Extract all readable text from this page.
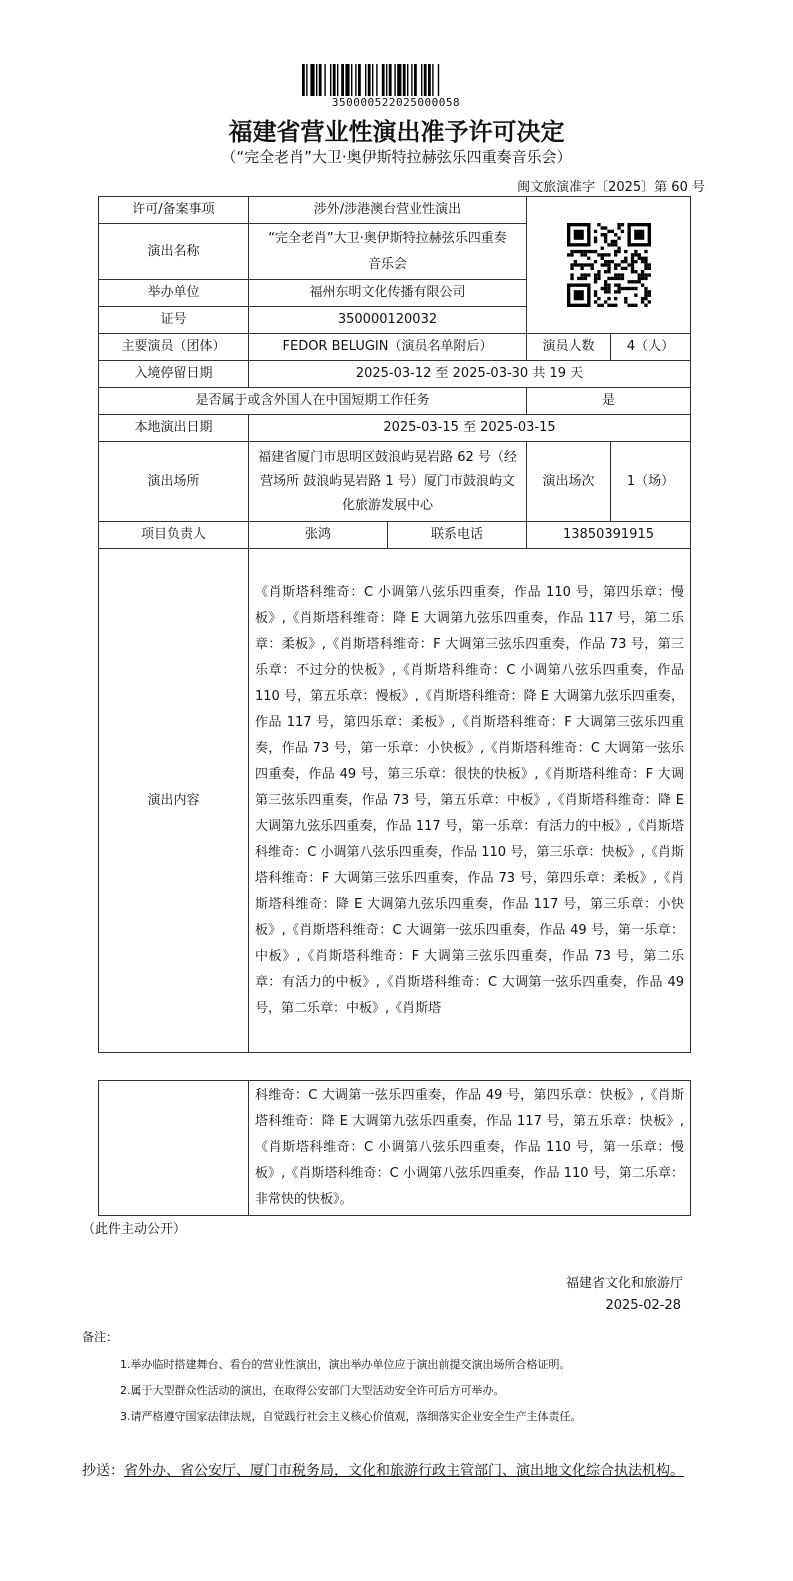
350000522025000058
福建省营业性演出准予许可决定
（“完全老肖”大卫·奥伊斯特拉赫弦乐四重奏音乐会）
闽文旅演准字〔2025〕第 60 号
许可/备案事项	涉外/涉港澳台营业性演出	

演出名称	“完全老肖”大卫·奥伊斯特拉赫弦乐四重奏音乐会		
举办单位	福州东明文化传播有限公司		
证号	350000120032		
主要演员（团体）	FEDOR BELUGIN（演员名单附后）	演员人数	4（人）
入境停留日期	2025-03-12 至 2025-03-30 共 19 天		
是否属于或含外国人在中国短期工作任务		是	
本地演出日期	2025-03-15 至 2025-03-15		
演出场所	福建省厦门市思明区鼓浪屿晃岩路 62 号（经营场所 鼓浪屿晃岩路 1 号）厦门市鼓浪屿文化旅游发展中心	演出场次	1（场）
项目负责人	张鸿 联系电话	13850391915	
演出内容	《肖斯塔科维奇：C 小调第八弦乐四重奏，作品 110 号，第四乐章：慢板》,《肖斯塔科维奇：降 E 大调第九弦乐四重奏，作品 117 号，第二乐章：柔板》,《肖斯塔科维奇：F 大调第三弦乐四重奏，作品 73 号，第三乐章：不过分的快板》,《肖斯塔科维奇：C 小调第八弦乐四重奏，作品 110 号，第五乐章：慢板》,《肖斯塔科维奇：降 E 大调第九弦乐四重奏，作品 117 号，第四乐章：柔板》,《肖斯塔科维奇：F 大调第三弦乐四重奏，作品 73 号，第一乐章：小快板》,《肖斯塔科维奇：C 大调第一弦乐四重奏，作品 49 号，第三乐章：很快的快板》,《肖斯塔科维奇：F 大调第三弦乐四重奏，作品 73 号，第五乐章：中板》,《肖斯塔科维奇：降 E 大调第九弦乐四重奏，作品 117 号，第一乐章：有活力的中板》,《肖斯塔科维奇：C 小调第八弦乐四重奏，作品 110 号，第三乐章：快板》,《肖斯塔科维奇：F 大调第三弦乐四重奏，作品 73 号，第四乐章：柔板》,《肖斯塔科维奇：降 E 大调第九弦乐四重奏，作品 117 号，第三乐章：小快板》,《肖斯塔科维奇：C 大调第一弦乐四重奏，作品 49 号，第一乐章：中板》,《肖斯塔科维奇：F 大调第三弦乐四重奏，作品 73 号，第二乐章：有活力的中板》,《肖斯塔科维奇：C 大调第一弦乐四重奏，作品 49 号，第二乐章：中板》,《肖斯塔		
	科维奇：C 大调第一弦乐四重奏，作品 49 号，第四乐章：快板》,《肖斯塔科维奇：降 E 大调第九弦乐四重奏，作品 117 号，第五乐章：快板》,《肖斯塔科维奇：C 小调第八弦乐四重奏，作品 110 号，第一乐章：慢板》,《肖斯塔科维奇：C 小调第八弦乐四重奏，作品 110 号，第二乐章：非常快的快板》。
（此件主动公开）
福建省文化和旅游厅
2025-02-28
备注：
1.举办临时搭建舞台、看台的营业性演出，演出举办单位应于演出前提交演出场所合格证明。
2.属于大型群众性活动的演出，在取得公安部门大型活动安全许可后方可举办。
3.请严格遵守国家法律法规，自觉践行社会主义核心价值观，落细落实企业安全生产主体责任。
抄送：省外办、省公安厅、厦门市税务局，文化和旅游行政主管部门、演出地文化综合执法机构。
